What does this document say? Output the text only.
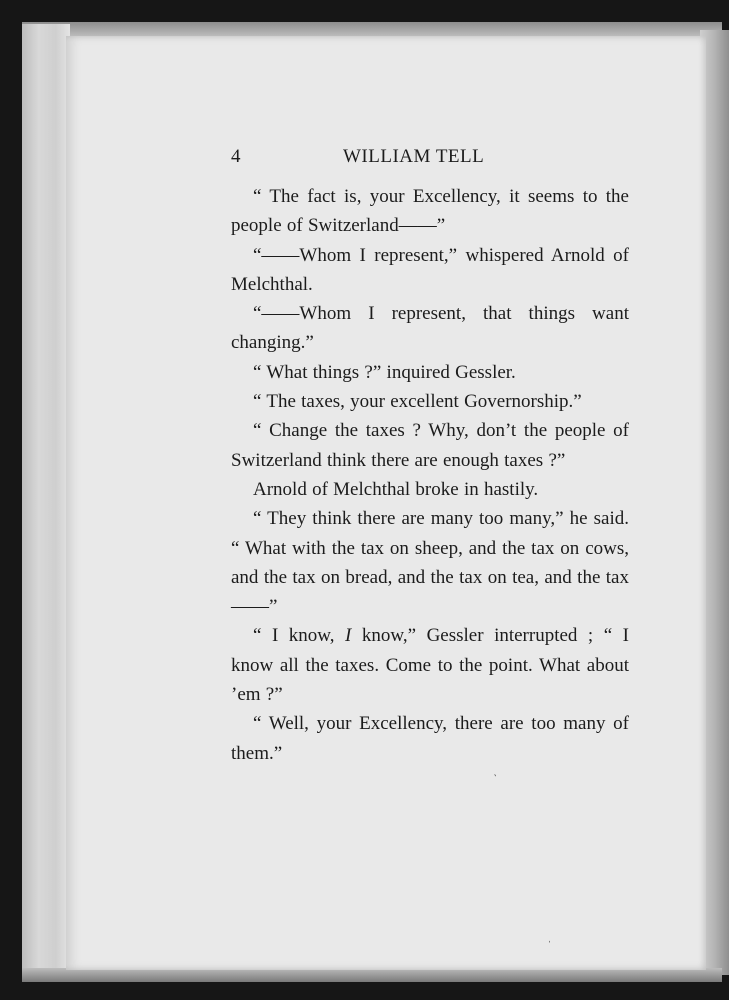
4	WILLIAM TELL

“ The fact is, your Excellency, it seems to the people of Switzerland——”

“——Whom I represent,” whispered Arnold of Melchthal.

“——Whom I represent, that things want changing.”

“ What things ?” inquired Gessler.

“ The taxes, your excellent Governorship.”

“ Change the taxes ? Why, don’t the people of Switzerland think there are enough taxes ?”

Arnold of Melchthal broke in hastily.

“ They think there are many too many,” he said. “ What with the tax on sheep, and the tax on cows, and the tax on bread, and the tax on tea, and the tax——”

“ I know, I know,” Gessler interrupted ; “ I know all the taxes. Come to the point. What about ’em ?”

“ Well, your Excellency, there are too many of them.”

‵
ˈ
